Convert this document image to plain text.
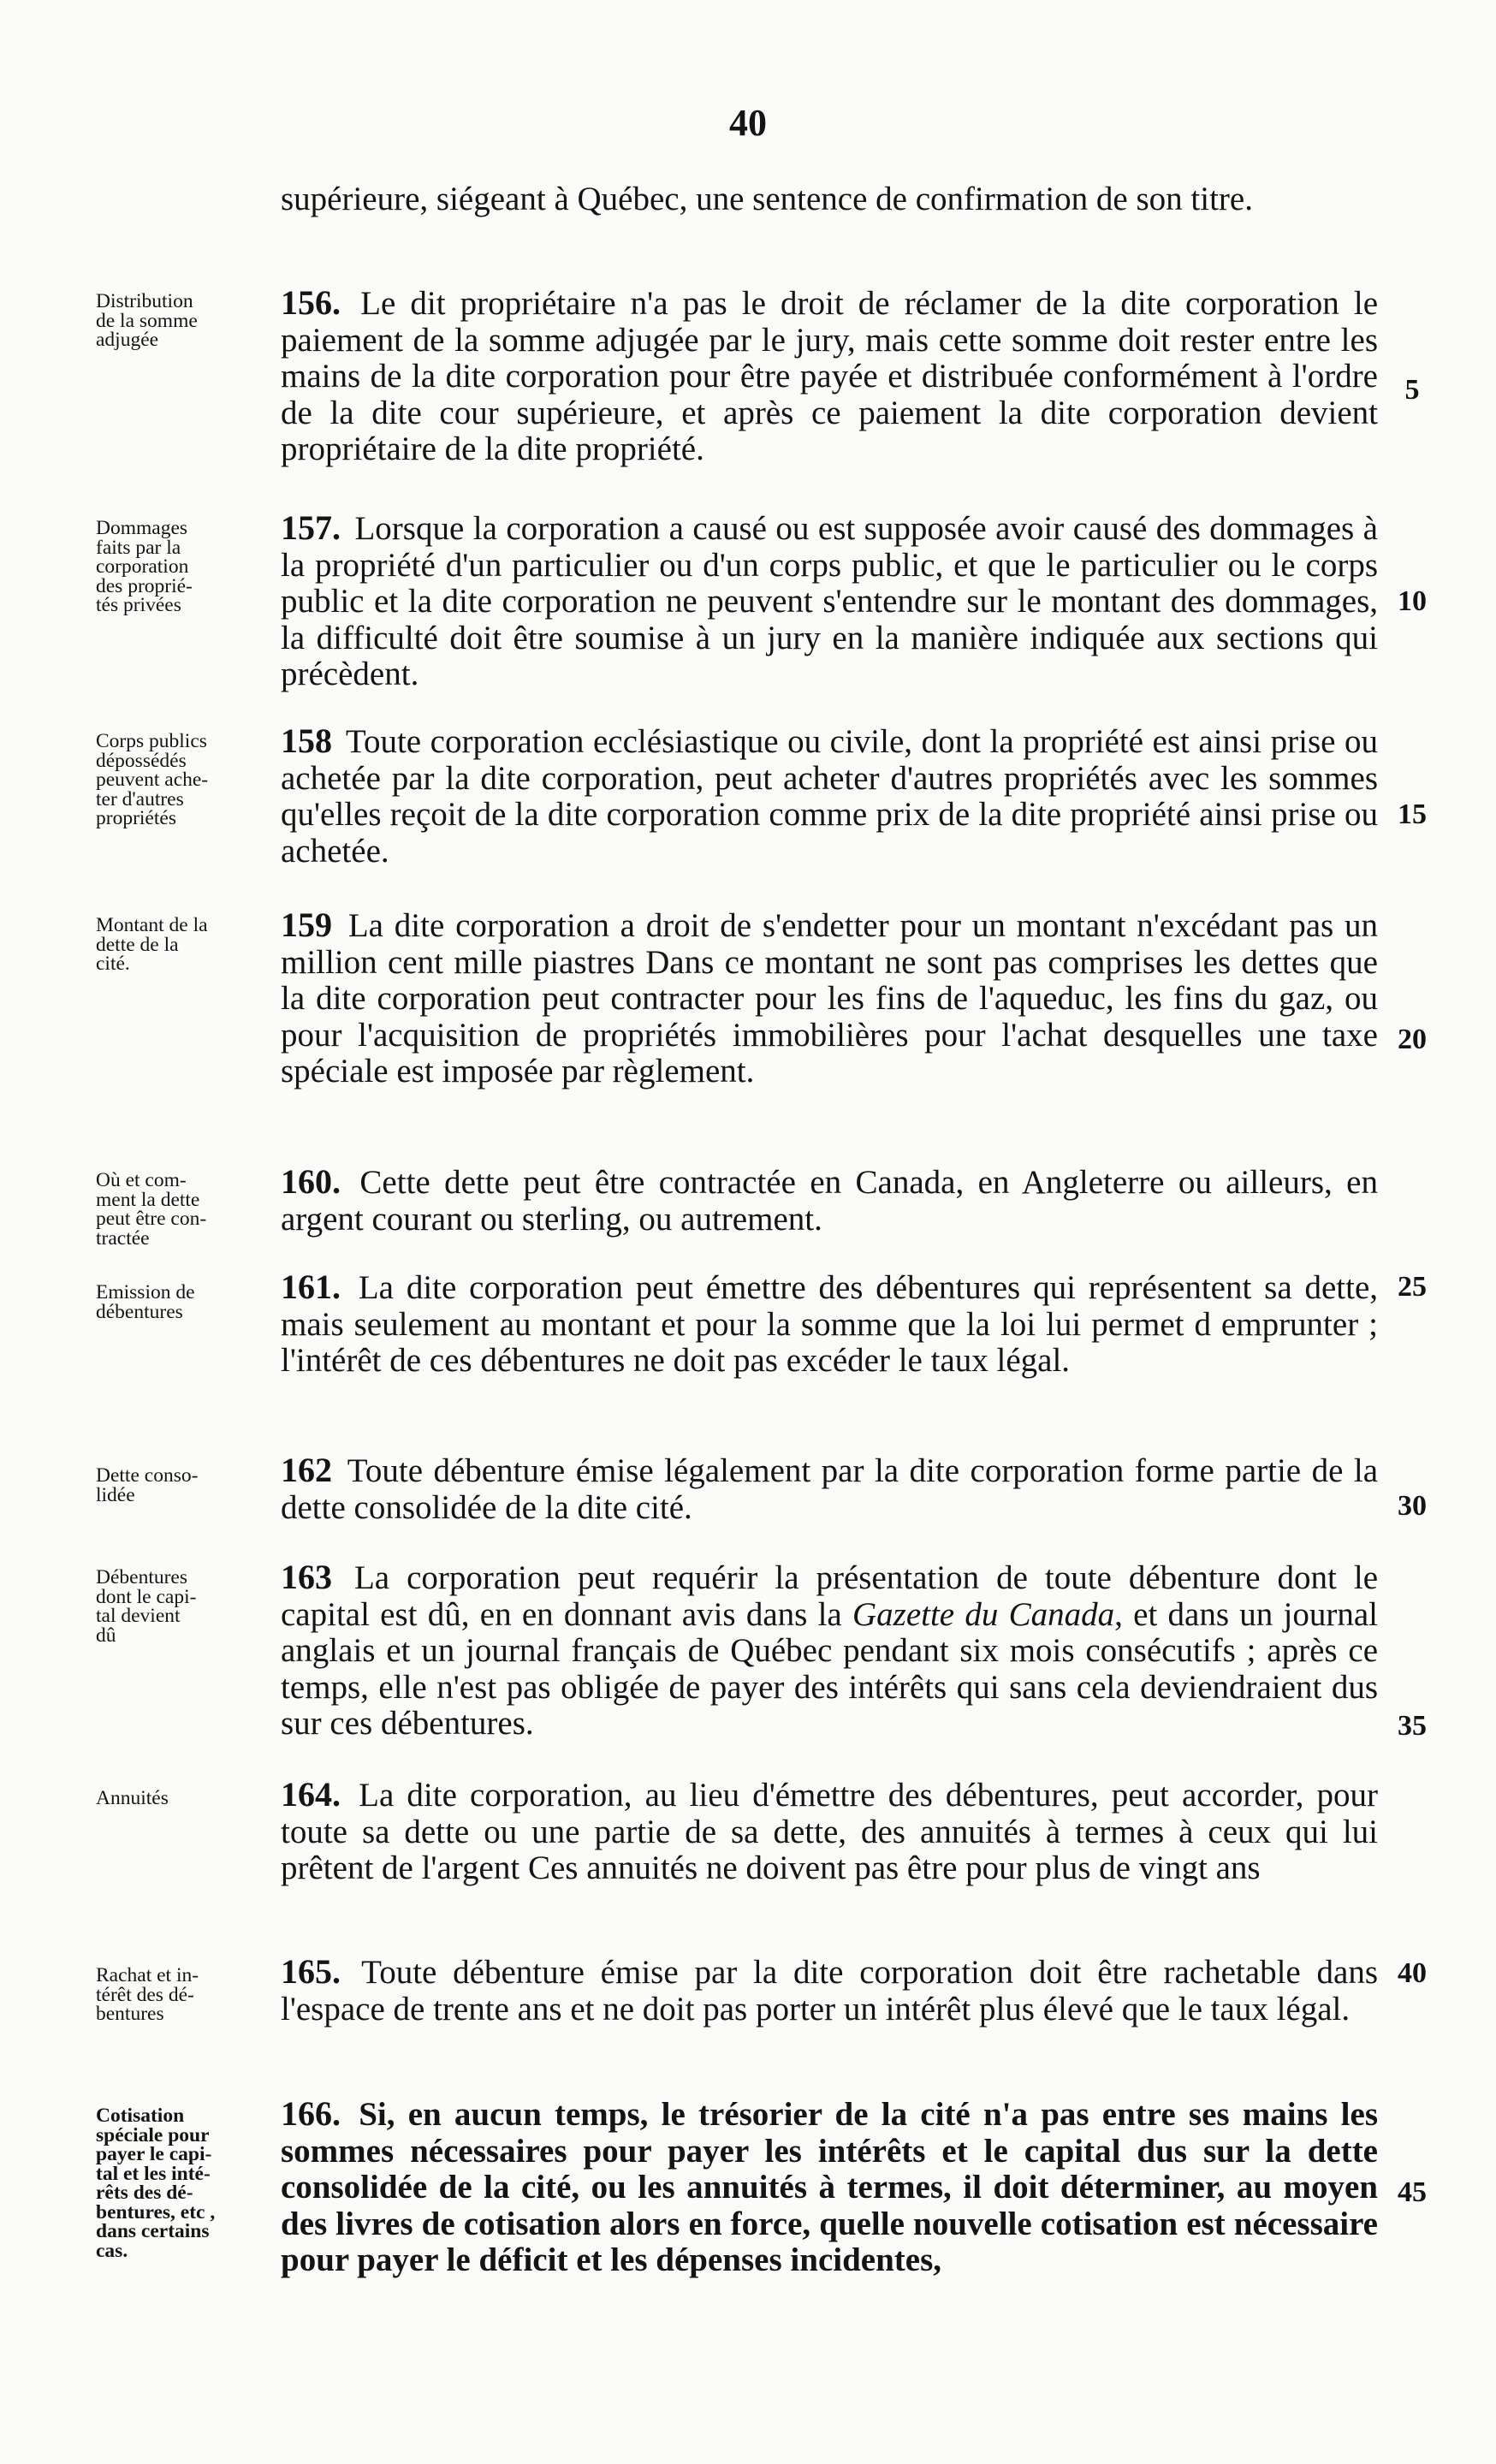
40
supérieure, siégeant à Québec, une sentence de confirmation de son titre.
Distribution
de la somme
adjugée

156. Le dit propriétaire n'a pas le droit de réclamer de la dite corporation le paiement de la somme adjugée par le jury, mais cette somme doit rester entre les mains de la dite corporation pour être payée et distribuée conformément à l'ordre de la dite cour supérieure, et après ce paiement la dite corporation devient propriétaire de la dite propriété.

5
Dommages
faits par la
corporation
des proprié-
tés privées

157. Lorsque la corporation a causé ou est supposée avoir causé des dommages à la propriété d'un particulier ou d'un corps public, et que le particulier ou le corps public et la dite corporation ne peuvent s'entendre sur le montant des dommages, la difficulté doit être soumise à un jury en la manière indiquée aux sections qui précèdent.

10
Corps publics
dépossédés
peuvent ache-
ter d'autres
propriétés

158 Toute corporation ecclésiastique ou civile, dont la propriété est ainsi prise ou achetée par la dite corporation, peut acheter d'autres propriétés avec les sommes qu'elles reçoit de la dite corporation comme prix de la dite propriété ainsi prise ou achetée.

15
Montant de la
dette de la
cité.

159 La dite corporation a droit de s'endetter pour un montant n'excédant pas un million cent mille piastres Dans ce montant ne sont pas comprises les dettes que la dite corporation peut contracter pour les fins de l'aqueduc, les fins du gaz, ou pour l'acquisition de propriétés immobilières pour l'achat desquelles une taxe spéciale est imposée par règlement.

20
Où et com-
ment la dette
peut être con-
tractée

160. Cette dette peut être contractée en Canada, en Angleterre ou ailleurs, en argent courant ou sterling, ou autrement.

Emission de
débentures

161. La dite corporation peut émettre des débentures qui représentent sa dette, mais seulement au montant et pour la somme que la loi lui permet d emprunter ; l'intérêt de ces débentures ne doit pas excéder le taux légal.

25
Dette conso-
lidée

162 Toute débenture émise légalement par la dite corporation forme partie de la dette consolidée de la dite cité.	30
Débentures
dont le capi-
tal devient
dû

163 La corporation peut requérir la présentation de toute débenture dont le capital est dû, en en donnant avis dans la Gazette du Canada, et dans un journal anglais et un journal français de Québec pendant six mois consécutifs ; après ce temps, elle n'est pas obligée de payer des intérêts qui sans cela deviendraient dus sur ces débentures.	35
Annuités	164. La dite corporation, au lieu d'émettre des débentures, peut accorder, pour toute sa dette ou une partie de sa dette, des annuités à termes à ceux qui lui prêtent de l'argent Ces annuités ne doivent pas être pour plus de vingt ans

Rachat et in-
térêt des dé-
bentures

165. Toute débenture émise par la dite corporation doit être rachetable dans l'espace de trente ans et ne doit pas porter un intérêt plus élevé que le taux légal.

40
Cotisation
spéciale pour
payer le capi-
tal et les inté-
rêts des dé-
bentures, etc ,
dans certains
cas.

166. Si, en aucun temps, le trésorier de la cité n'a pas entre ses mains les sommes nécessaires pour payer les intérêts et le capital dus sur la dette consolidée de la cité, ou les annuités à termes, il doit déterminer, au moyen des livres de cotisation alors en force, quelle nouvelle cotisation est nécessaire pour payer le déficit et les dépenses incidentes,

45
